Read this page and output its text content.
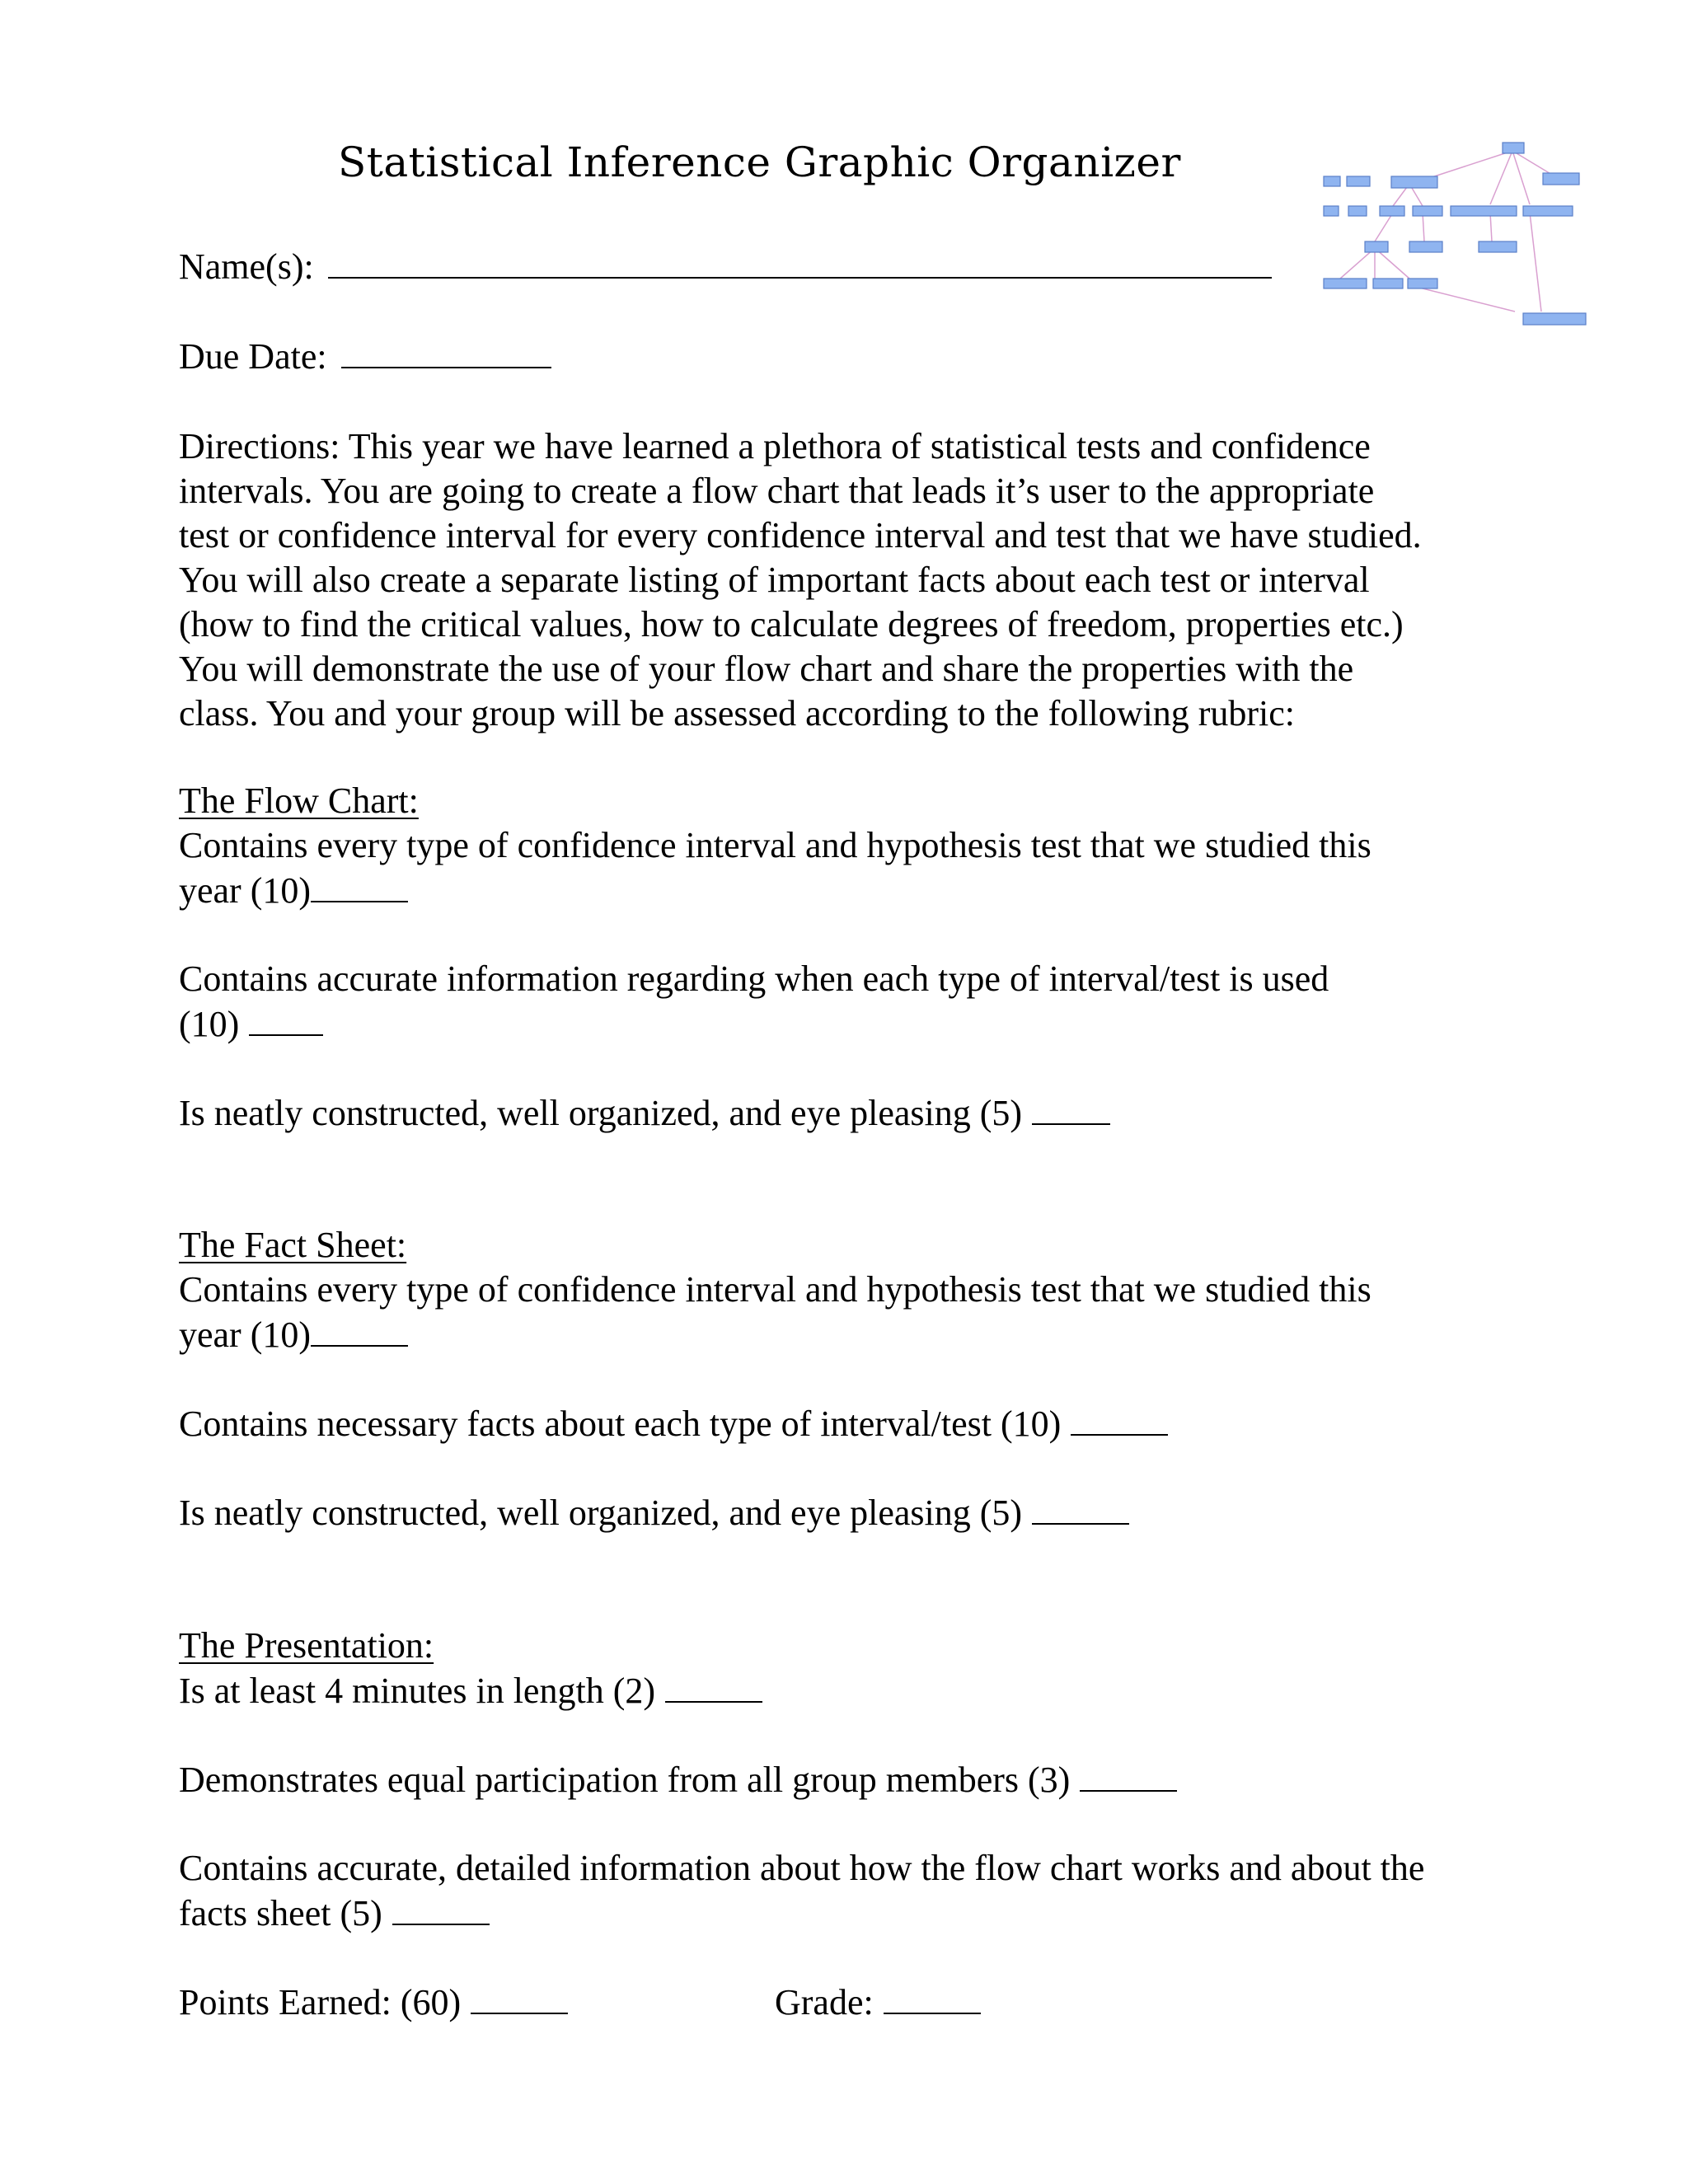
Statistical Inference Graphic Organizer
Name(s):
Due Date:
Directions: This year we have learned a plethora of statistical tests and confidence
intervals. You are going to create a flow chart that leads it’s user to the appropriate
test or confidence interval for every confidence interval and test that we have studied.
You will also create a separate listing of important facts about each test or interval
(how to find the critical values, how to calculate degrees of freedom, properties etc.)
You will demonstrate the use of your flow chart and share the properties with the
class. You and your group will be assessed according to the following rubric:
The Flow Chart:
Contains every type of confidence interval and hypothesis test that we studied this
year (10)
Contains accurate information regarding when each type of interval/test is used
(10)
Is neatly constructed, well organized, and eye pleasing (5)
The Fact Sheet:
Contains every type of confidence interval and hypothesis test that we studied this
year (10)
Contains necessary facts about each type of interval/test (10)
Is neatly constructed, well organized, and eye pleasing (5)
The Presentation:
Is at least 4 minutes in length (2)
Demonstrates equal participation from all group members (3)
Contains accurate, detailed information about how the flow chart works and about the
facts sheet (5)
Points Earned: (60)	Grade:
